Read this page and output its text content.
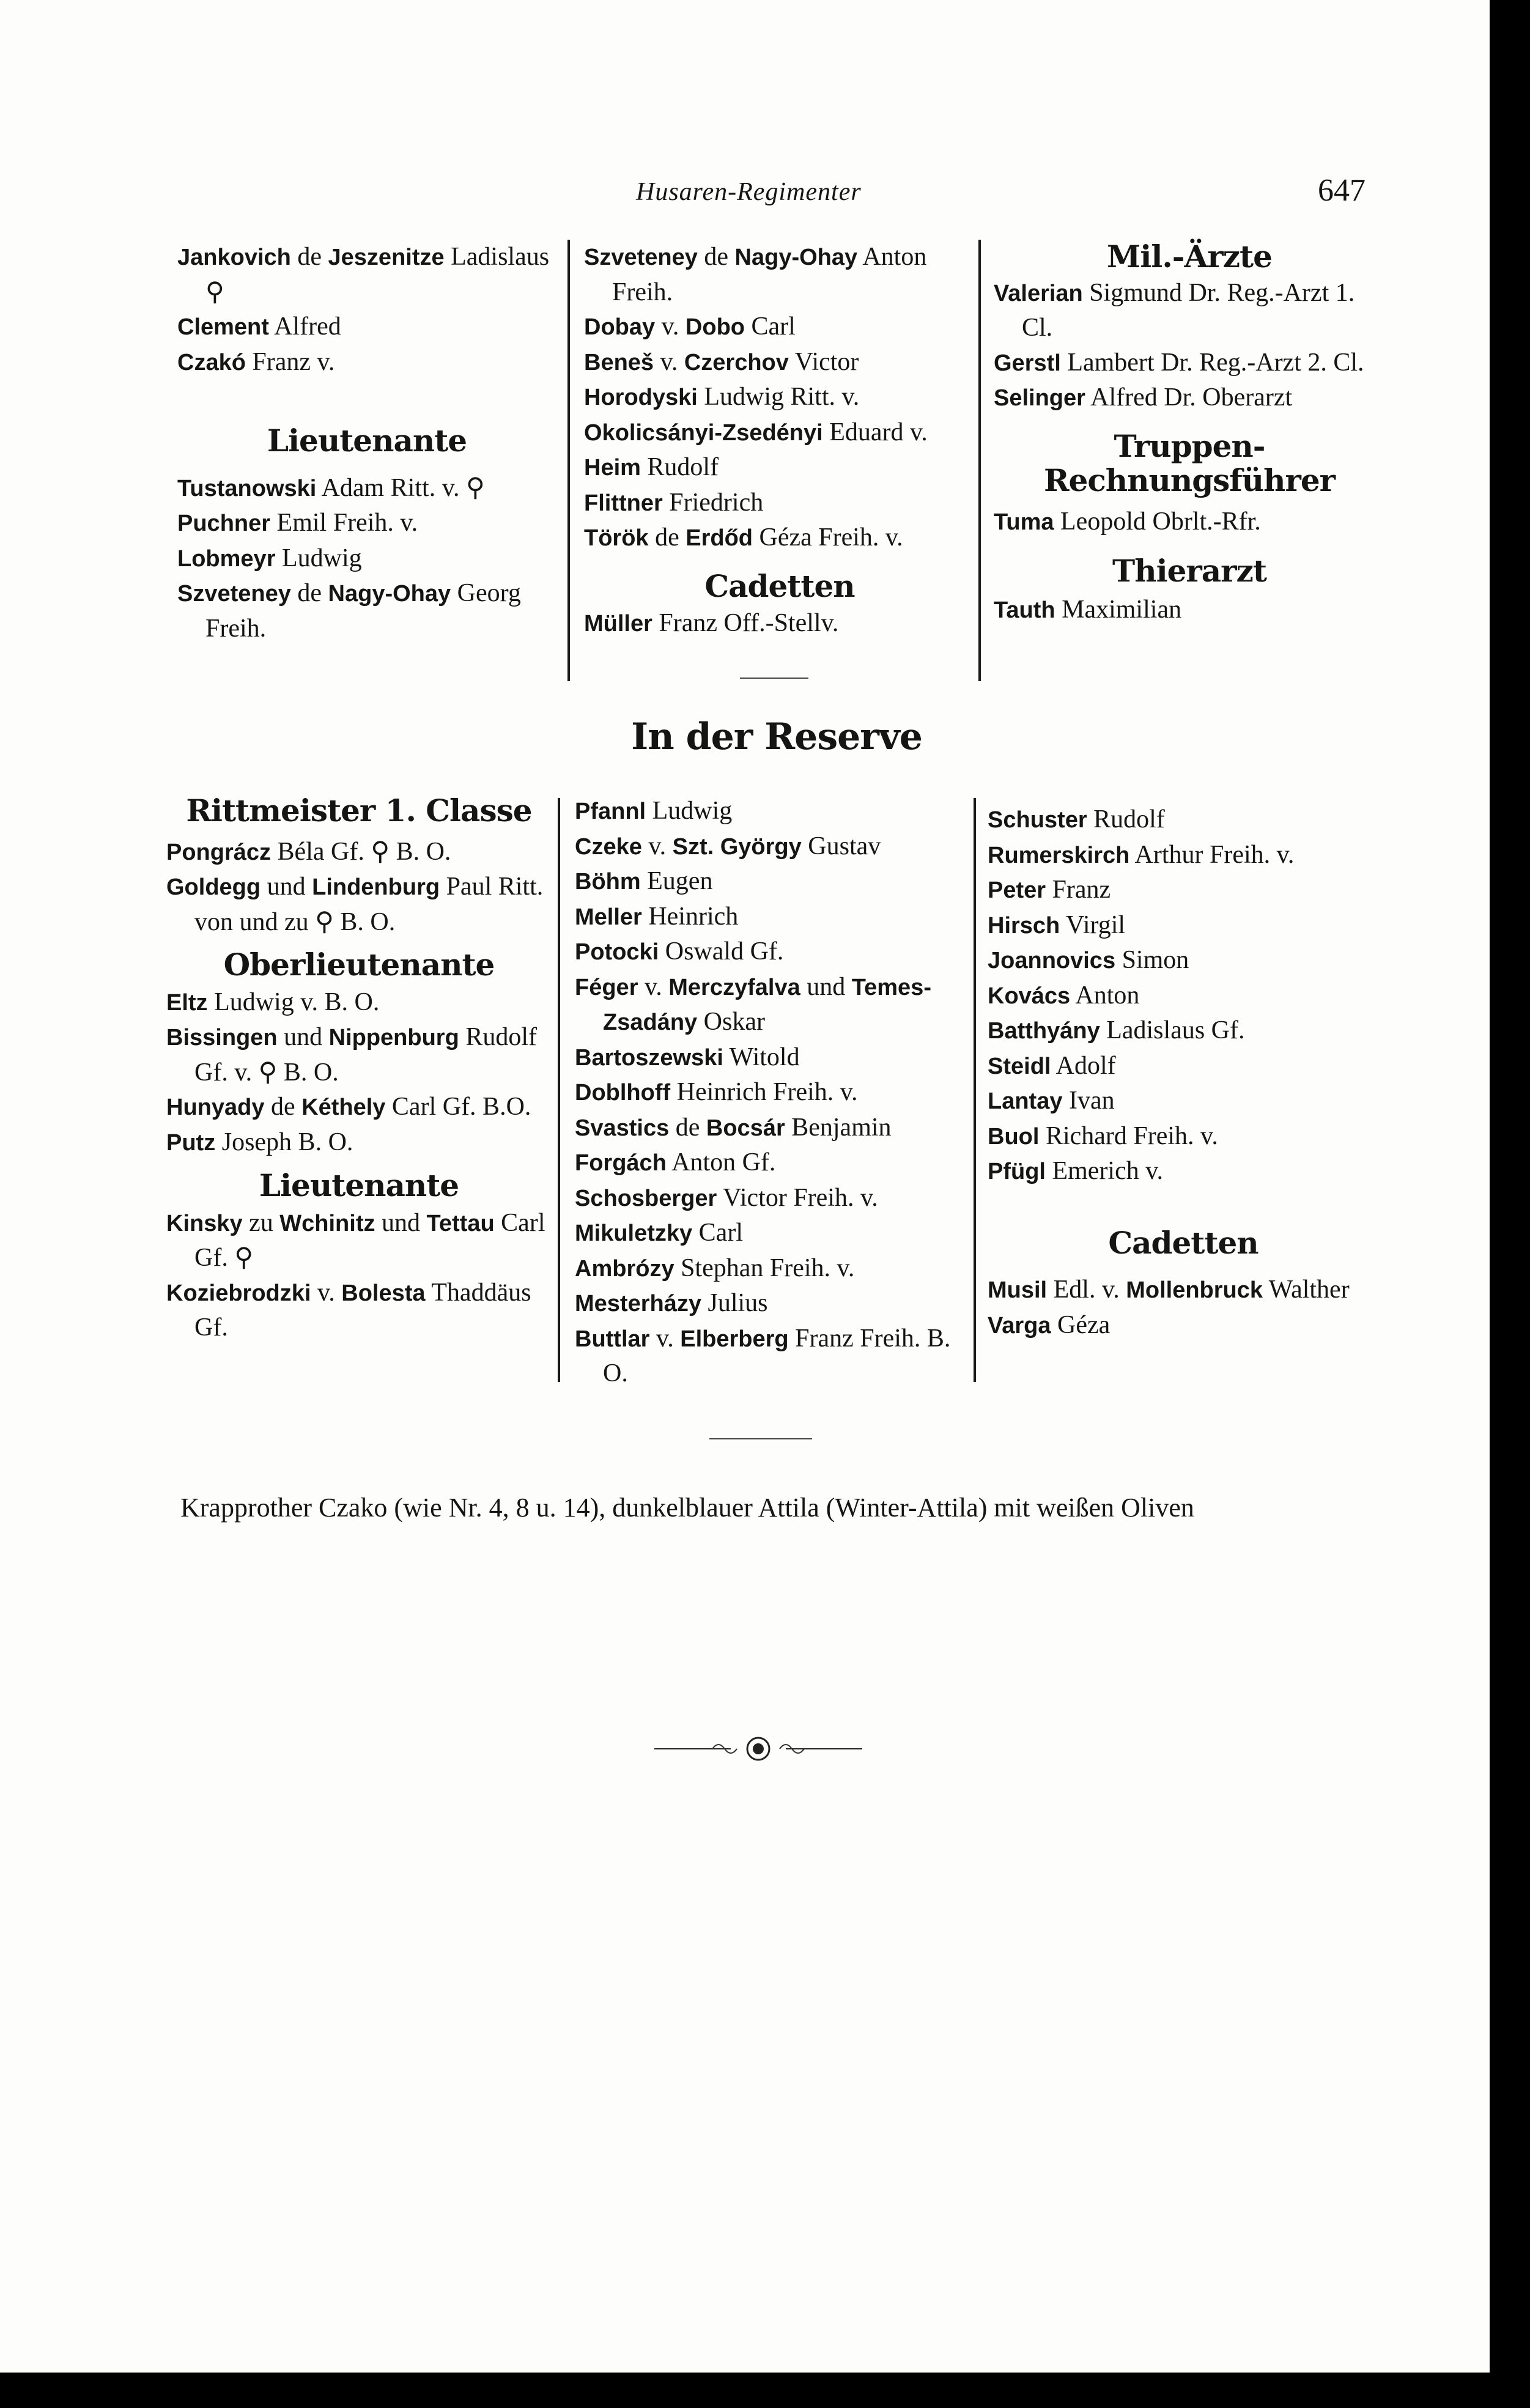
Husaren-Regimenter	647

Jankovich de Jeszenitze Ladislaus ⚲

Clement Alfred

Czakó Franz v.

Lieutenante

Tustanowski Adam Ritt. v. ⚲

Puchner Emil Freih. v.

Lobmeyr Ludwig

Szveteney de Nagy-Ohay Georg Freih.

Szveteney de Nagy-Ohay Anton Freih.

Dobay v. Dobo Carl

Beneš v. Czerchov Victor

Horodyski Ludwig Ritt. v.

Okolicsányi-Zsedényi Eduard v.

Heim Rudolf

Flittner Friedrich

Török de Erdőd Géza Freih. v.

Cadetten

Müller Franz Off.-Stellv.

Mil.-Ärzte

Valerian Sigmund Dr. Reg.-Arzt 1. Cl.

Gerstl Lambert Dr. Reg.-Arzt 2. Cl.

Selinger Alfred Dr. Oberarzt

Truppen-Rechnungsführer

Tuma Leopold Obrlt.-Rfr.

Thierarzt

Tauth Maximilian

In der Reserve
Rittmeister 1. Classe

Pongrácz Béla Gf. ⚲ B. O.

Goldegg und Lindenburg Paul Ritt. von und zu ⚲ B. O.

Oberlieutenante

Eltz Ludwig v. B. O.

Bissingen und Nippenburg Rudolf Gf. v. ⚲ B. O.

Hunyady de Kéthely Carl Gf. B.O.

Putz Joseph B. O.

Lieutenante

Kinsky zu Wchinitz und Tettau Carl Gf. ⚲

Koziebrodzki v. Bolesta Thaddäus Gf.

Pfannl Ludwig

Czeke v. Szt. György Gustav

Böhm Eugen

Meller Heinrich

Potocki Oswald Gf.

Féger v. Merczyfalva und Temes-Zsadány Oskar

Bartoszewski Witold

Doblhoff Heinrich Freih. v.

Svastics de Bocsár Benjamin

Forgách Anton Gf.

Schosberger Victor Freih. v.

Mikuletzky Carl

Ambrózy Stephan Freih. v.

Mesterházy Julius

Buttlar v. Elberberg Franz Freih. B. O.

Schuster Rudolf

Rumerskirch Arthur Freih. v.

Peter Franz

Hirsch Virgil

Joannovics Simon

Kovács Anton

Batthyány Ladislaus Gf.

Steidl Adolf

Lantay Ivan

Buol Richard Freih. v.

Pfügl Emerich v.

Cadetten

Musil Edl. v. Mollenbruck Walther

Varga Géza

Krapprother Czako (wie Nr. 4, 8 u. 14), dunkelblauer Attila (Winter-Attila) mit weißen Oliven
